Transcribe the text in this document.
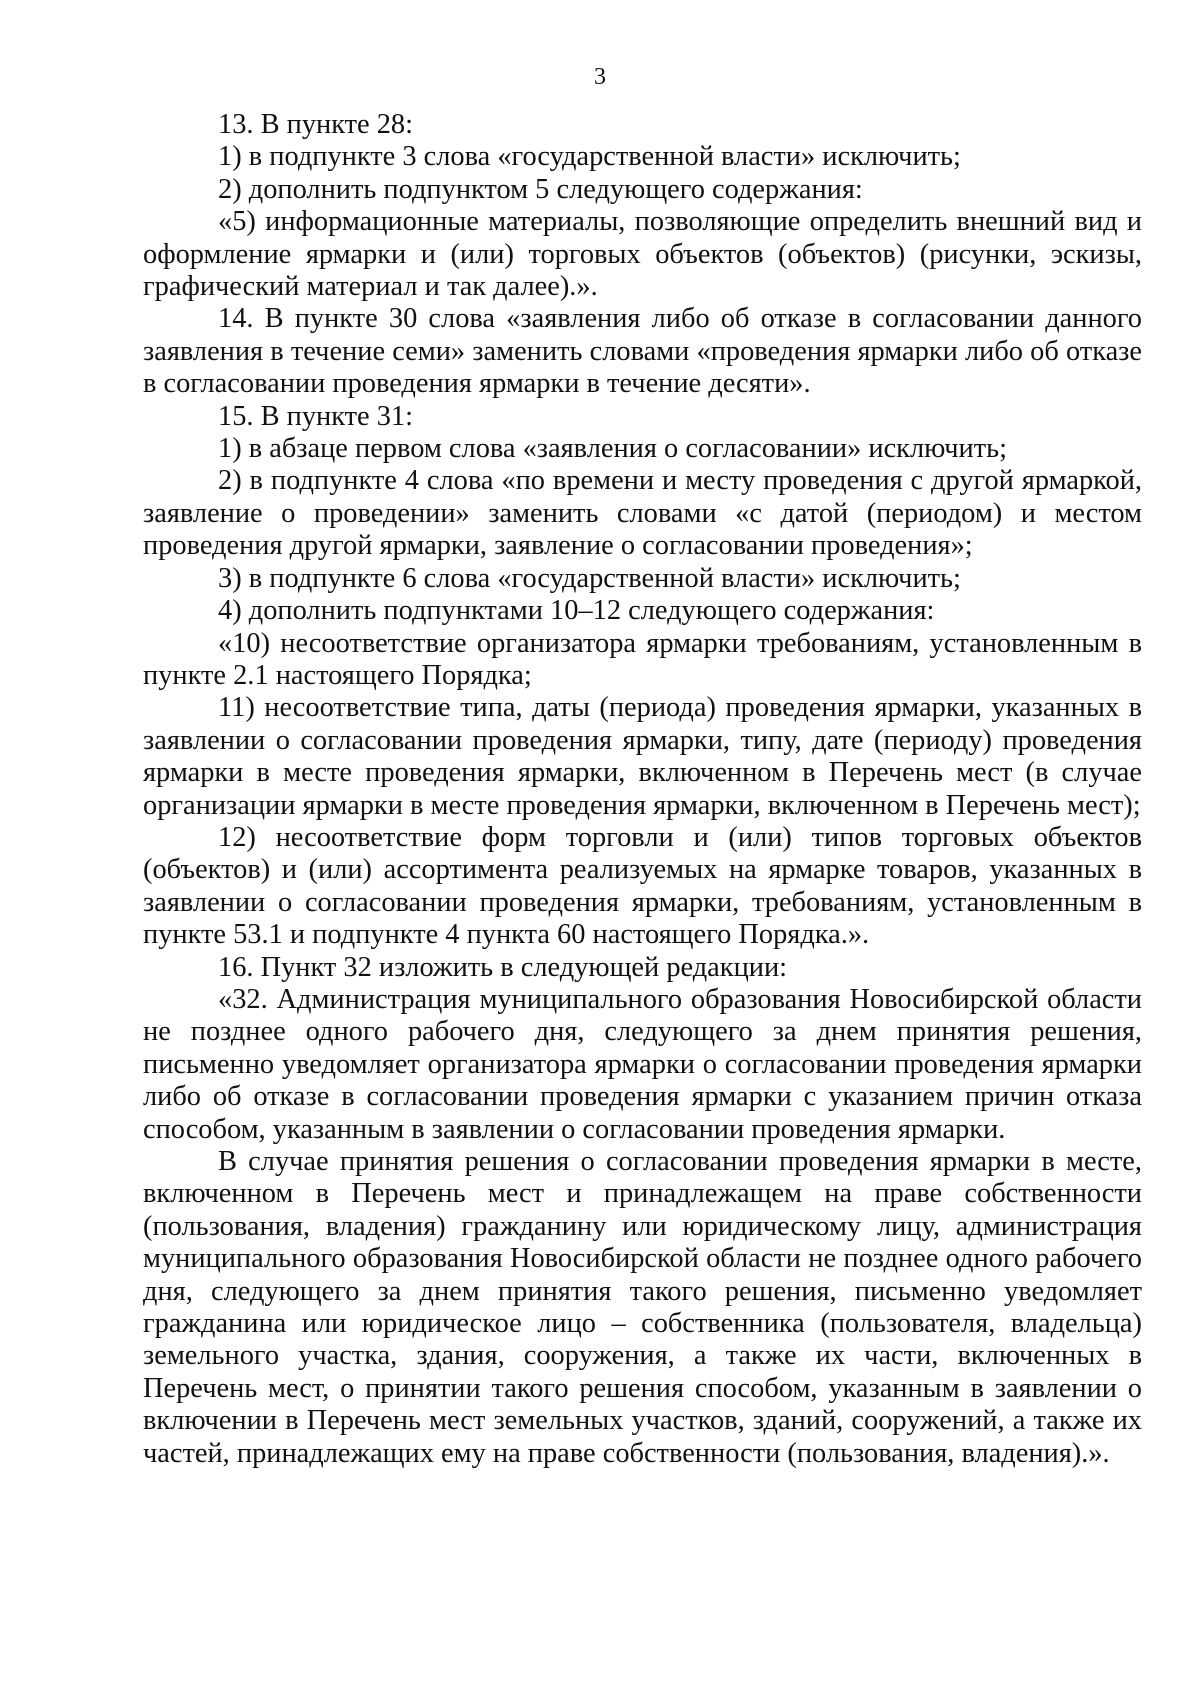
3

13. В пункте 28:

1) в подпункте 3 слова «государственной власти» исключить;

2) дополнить подпунктом 5 следующего содержания:

«5) информационные материалы, позволяющие определить внешний вид и оформление ярмарки и (или) торговых объектов (объектов) (рисунки, эскизы, графический материал и так далее).».

14. В пункте 30 слова «заявления либо об отказе в согласовании данного заявления в течение семи» заменить словами «проведения ярмарки либо об отказе в согласовании проведения ярмарки в течение десяти».

15. В пункте 31:

1) в абзаце первом слова «заявления о согласовании» исключить;

2) в подпункте 4 слова «по времени и месту проведения с другой ярмаркой, заявление о проведении» заменить словами «с датой (периодом) и местом проведения другой ярмарки, заявление о согласовании проведения»;

3) в подпункте 6 слова «государственной власти» исключить;

4) дополнить подпунктами 10–12 следующего содержания:

«10) несоответствие организатора ярмарки требованиям, установленным в пункте 2.1 настоящего Порядка;

11) несоответствие типа, даты (периода) проведения ярмарки, указанных в заявлении о согласовании проведения ярмарки, типу, дате (периоду) проведения ярмарки в месте проведения ярмарки, включенном в Перечень мест (в случае организации ярмарки в месте проведения ярмарки, включенном в Перечень мест);

12) несоответствие форм торговли и (или) типов торговых объектов (объектов) и (или) ассортимента реализуемых на ярмарке товаров, указанных в заявлении о согласовании проведения ярмарки, требованиям, установленным в пункте 53.1 и подпункте 4 пункта 60 настоящего Порядка.».

16. Пункт 32 изложить в следующей редакции:

«32. Администрация муниципального образования Новосибирской области не позднее одного рабочего дня, следующего за днем принятия решения, письменно уведомляет организатора ярмарки о согласовании проведения ярмарки либо об отказе в согласовании проведения ярмарки с указанием причин отказа способом, указанным в заявлении о согласовании проведения ярмарки.

В случае принятия решения о согласовании проведения ярмарки в месте, включенном в Перечень мест и принадлежащем на праве собственности (пользования, владения) гражданину или юридическому лицу, администрация муниципального образования Новосибирской области не позднее одного рабочего дня, следующего за днем принятия такого решения, письменно уведомляет гражданина или юридическое лицо – собственника (пользователя, владельца) земельного участка, здания, сооружения, а также их части, включенных в Перечень мест, о принятии такого решения способом, указанным в заявлении о включении в Перечень мест земельных участков, зданий, сооружений, а также их частей, принадлежащих ему на праве собственности (пользования, владения).».
